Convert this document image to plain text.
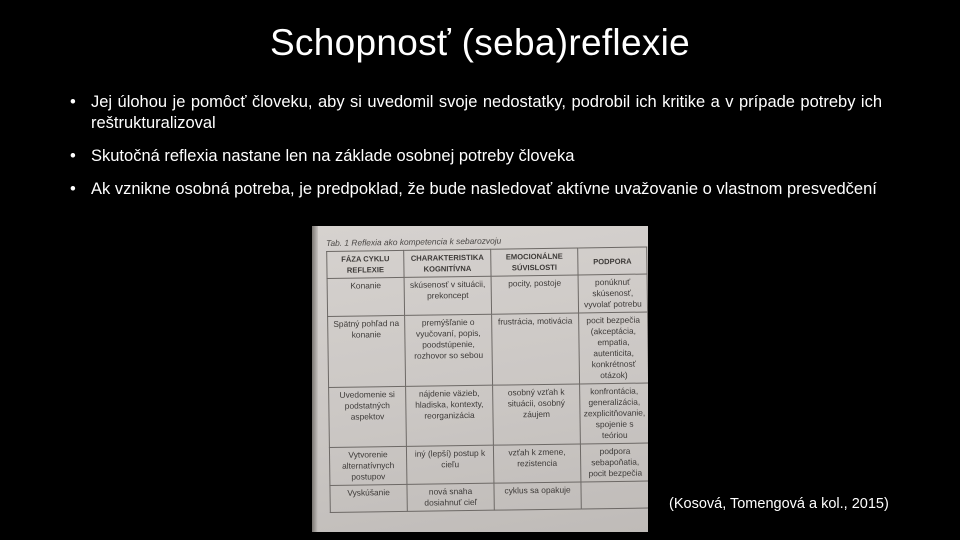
Schopnosť (seba)reflexie
• Jej úlohou je pomôcť človeku, aby si uvedomil svoje nedostatky, podrobil ich kritike a v prípade potreby ich reštrukturalizoval
• Skutočná reflexia nastane len na základe osobnej potreby človeka
• Ak vznikne osobná potreba, je predpoklad, že bude nasledovať aktívne uvažovanie o vlastnom presvedčení
Tab. 1 Reflexia ako kompetencia k sebarozvoju
FÁZA CYKLU REFLEXIE	CHARAKTERISTIKA KOGNITÍVNA	EMOCIONÁLNE SÚVISLOSTI	PODPORA
Konanie	skúsenosť v situácii, prekoncept	pocity, postoje	ponúknuť skúsenosť, vyvolať potrebu
Spätný pohľad na konanie	premýšľanie o vyučovaní, popis, poodstúpenie, rozhovor so sebou	frustrácia, motivácia	pocit bezpečia (akceptácia, empatia, autenticita, konkrétnosť otázok)
Uvedomenie si podstatných aspektov	nájdenie väzieb, hladiska, kontexty, reorganizácia	osobný vzťah k situácii, osobný záujem	konfrontácia, generalizácia, zexplicitňovanie, spojenie s teóriou
Vytvorenie alternatívnych postupov	iný (lepší) postup k cieľu	vzťah k zmene, rezistencia	podpora sebapoňatia, pocit bezpečia
Vyskúšanie	nová snaha dosiahnuť cieľ	cyklus sa opakuje	
(Kosová, Tomengová a kol., 2015)
